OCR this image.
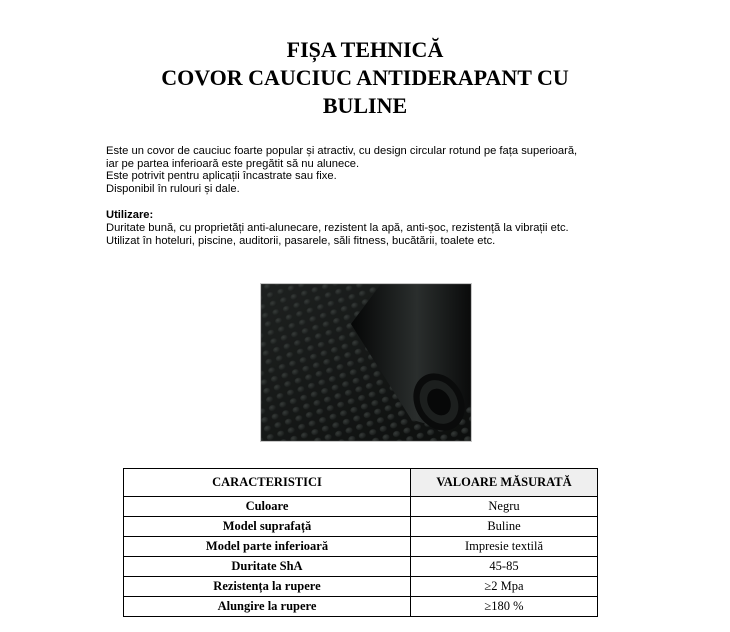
FIȘA TEHNICĂ
COVOR CAUCIUC ANTIDERAPANT CU
BULINE
Este un covor de cauciuc foarte popular și atractiv, cu design circular rotund pe fața superioară,
iar pe partea inferioară este pregătit să nu alunece.
Este potrivit pentru aplicații încastrate sau fixe.
Disponibil în rulouri și dale.
Utilizare:
Duritate bună, cu proprietăți anti-alunecare, rezistent la apă, anti-șoc, rezistență la vibrații etc.
Utilizat în hoteluri, piscine, auditorii, pasarele, săli fitness, bucătării, toalete etc.
CARACTERISTICI	VALOARE MĂSURATĂ
Culoare	Negru
Model suprafață	Buline
Model parte inferioară	Impresie textilă
Duritate ShA	45-85
Rezistența la rupere	≥2 Mpa
Alungire la rupere	≥180 %
